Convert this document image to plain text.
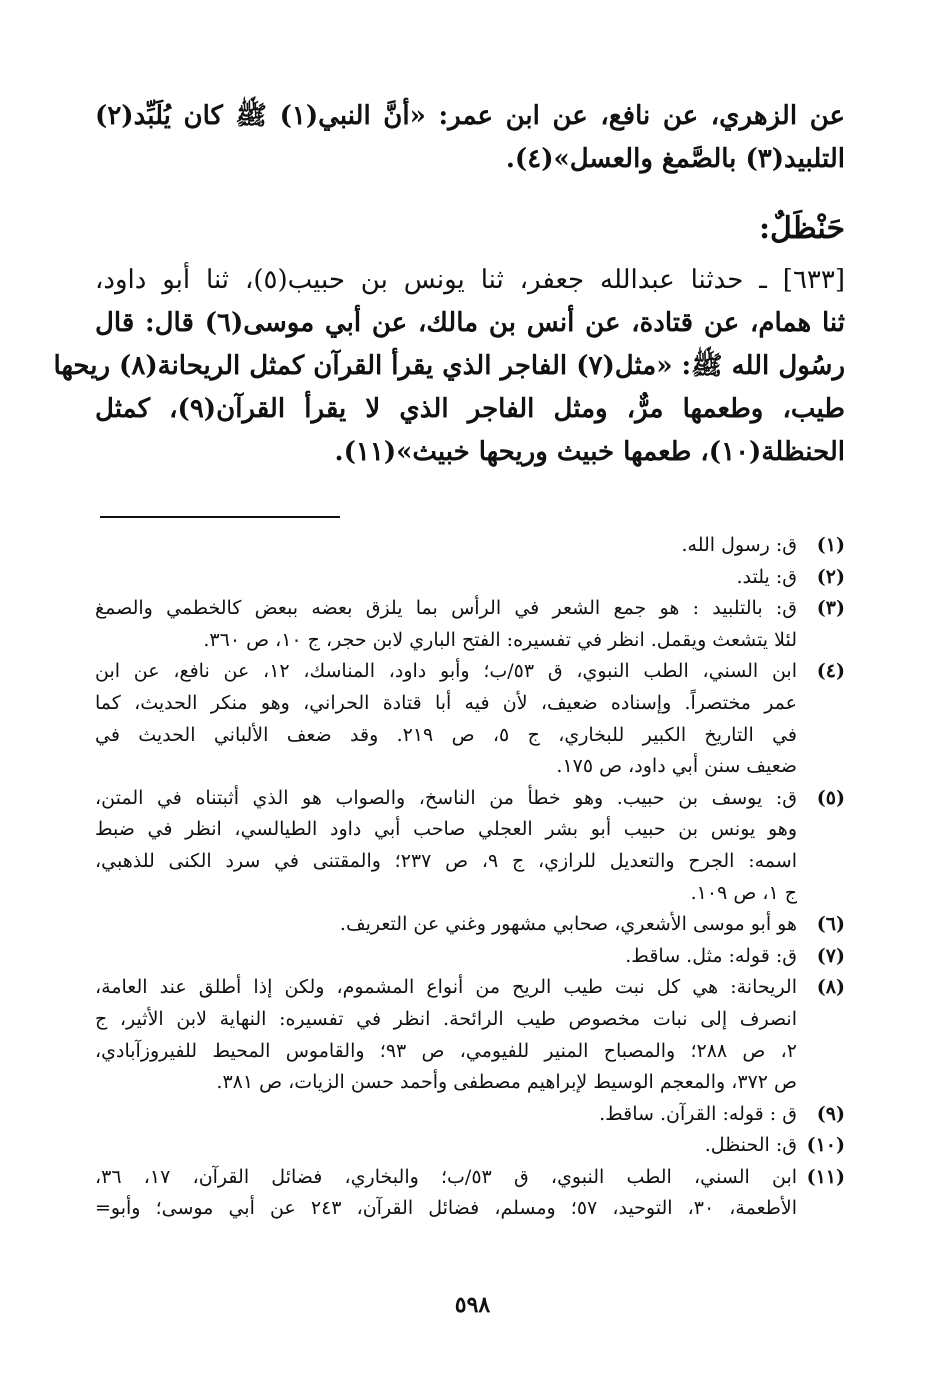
عن الزهري، عن نافع، عن ابن عمر: «أنَّ النبي(١) ﷺ كان يُلَبِّد(٢)
التلبيد(٣) بالصَّمغ والعسل»(٤).
حَنْظَلٌ:
[٦٣٣] ـ حدثنا عبدالله جعفر، ثنا يونس بن حبيب(٥)، ثنا أبو داود،
ثنا همام، عن قتادة، عن أنس بن مالك، عن أبي موسى(٦) قال: قال
رسُول الله ﷺ: «مثل(٧) الفاجر الذي يقرأ القرآن كمثل الريحانة(٨) ريحها
طيب، وطعمها مرٌّ، ومثل الفاجر الذي لا يقرأ القرآن(٩)، كمثل
الحنظلة(١٠)، طعمها خبيث وريحها خبيث»(١١).
(١)
ق: رسول الله.
(٢)
ق: يلتد.
(٣)
ق: بالتلبيد : هو جمع الشعر في الرأس بما يلزق بعضه ببعض كالخطمي والصمغ
لئلا يتشعث ويقمل. انظر في تفسيره: الفتح الباري لابن حجر، ج ١٠، ص ٣٦٠.
(٤)
ابن السني، الطب النبوي، ق ٥٣/ب؛ وأبو داود، المناسك، ١٢، عن نافع، عن ابن
عمر مختصراً. وإسناده ضعيف، لأن فيه أبا قتادة الحراني، وهو منكر الحديث، كما
في التاريخ الكبير للبخاري، ج ٥، ص ٢١٩. وقد ضعف الألباني الحديث في
ضعيف سنن أبي داود، ص ١٧٥.
(٥)
ق: يوسف بن حبيب. وهو خطأ من الناسخ، والصواب هو الذي أثبتناه في المتن،
وهو يونس بن حبيب أبو بشر العجلي صاحب أبي داود الطيالسي، انظر في ضبط
اسمه: الجرح والتعديل للرازي، ج ٩، ص ٢٣٧؛ والمقتنى في سرد الكنى للذهبي،
ج ١، ص ١٠٩.
(٦)
هو أبو موسى الأشعري، صحابي مشهور وغني عن التعريف.
(٧)
ق: قوله: مثل. ساقط.
(٨)
الريحانة: هي كل نبت طيب الريح من أنواع المشموم، ولكن إذا أطلق عند العامة،
انصرف إلى نبات مخصوص طيب الرائحة. انظر في تفسيره: النهاية لابن الأثير، ج
٢، ص ٢٨٨؛ والمصباح المنير للفيومي، ص ٩٣؛ والقاموس المحيط للفيروزآبادي،
ص ٣٧٢، والمعجم الوسيط لإبراهيم مصطفى وأحمد حسن الزيات، ص ٣٨١.
(٩)
ق : قوله: القرآن. ساقط.
(١٠)
ق: الحنظل.
(١١)
ابن السني، الطب النبوي، ق ٥٣/ب؛ والبخاري، فضائل القرآن، ١٧، ٣٦،
الأطعمة، ٣٠، التوحيد، ٥٧؛ ومسلم، فضائل القرآن، ٢٤٣ عن أبي موسى؛ وأبو=
٥٩٨
